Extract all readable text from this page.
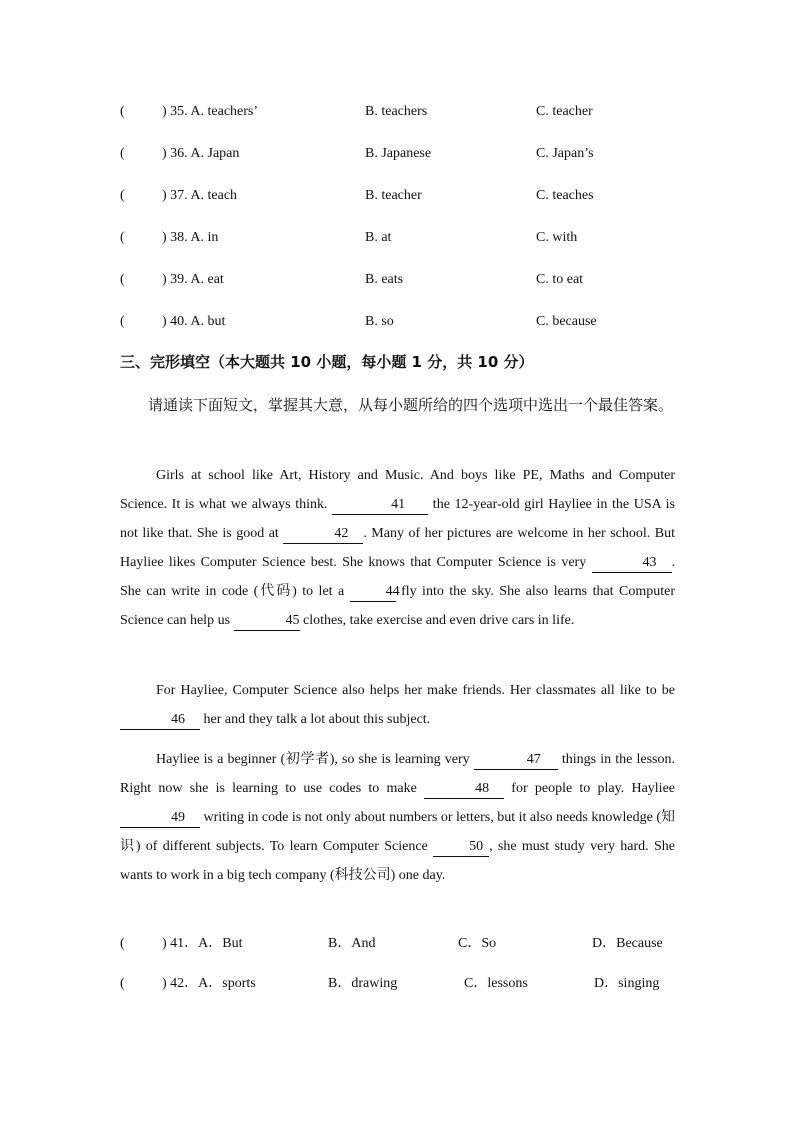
(	) 35. A. teachers’	B. teachers	C. teacher
(	) 36. A. Japan	B. Japanese	C. Japan’s
(	) 37. A. teach	B. teacher	C. teaches
(	) 38. A. in	B. at	C. with
(	) 39. A. eat	B. eats	C. to eat
(	) 40. A. but	B. so	C. because
三、完形填空（本大题共 10 小题，每小题 1 分，共 10 分）
请通读下面短文，掌握其大意，从每小题所给的四个选项中选出一个最佳答案。

Girls at school like Art, History and Music. And boys like PE, Maths and Computer Science. It is what we always think.	41 the 12-year-old girl Hayliee in the USA is not like that. She is good at	42 . Many of her pictures are welcome in her school. But Hayliee likes Computer Science best. She knows that Computer Science is very	43 . She can write in code (代码) to let a	44 fly into the sky. She also learns that Computer Science can help us	45 clothes, take exercise and even drive cars in life.

For Hayliee, Computer Science also helps her make friends. Her classmates all like to be 46 her and they talk a lot about this subject.

Hayliee is a beginner (初学者), so she is learning very	47 things in the lesson. Right now she is learning to use codes to make	48 for people to play. Hayliee 49 writing in code is not only about numbers or letters, but it also needs knowledge (知识) of different subjects. To learn Computer Science	50 , she must study very hard. She wants to work in a big tech company (科技公司) one day.

(	) 41．A．But	B．And	C．So	D．Because
(	) 42．A．sports	B．drawing	C．lessons	D．singing
